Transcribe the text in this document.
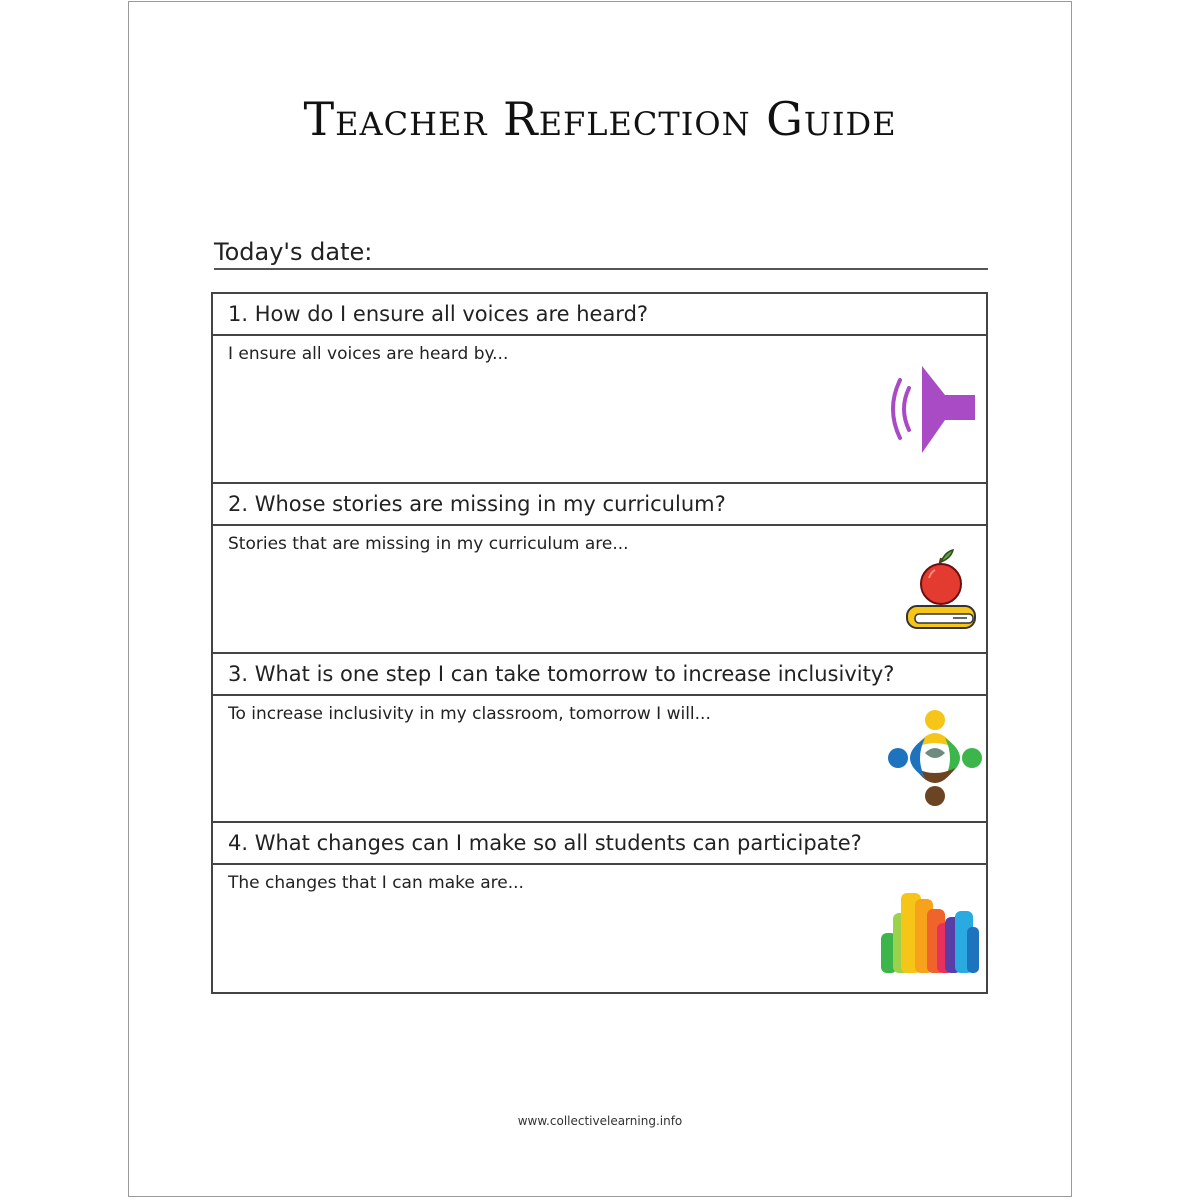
Teacher Reflection Guide
Today's date:
1. How do I ensure all voices are heard?
I ensure all voices are heard by...
2. Whose stories are missing in my curriculum?
Stories that are missing in my curriculum are...
3. What is one step I can take tomorrow to increase inclusivity?
To increase inclusivity in my classroom, tomorrow I will...
4. What changes can I make so all students can participate?
The changes that I can make are...
www.collectivelearning.info
